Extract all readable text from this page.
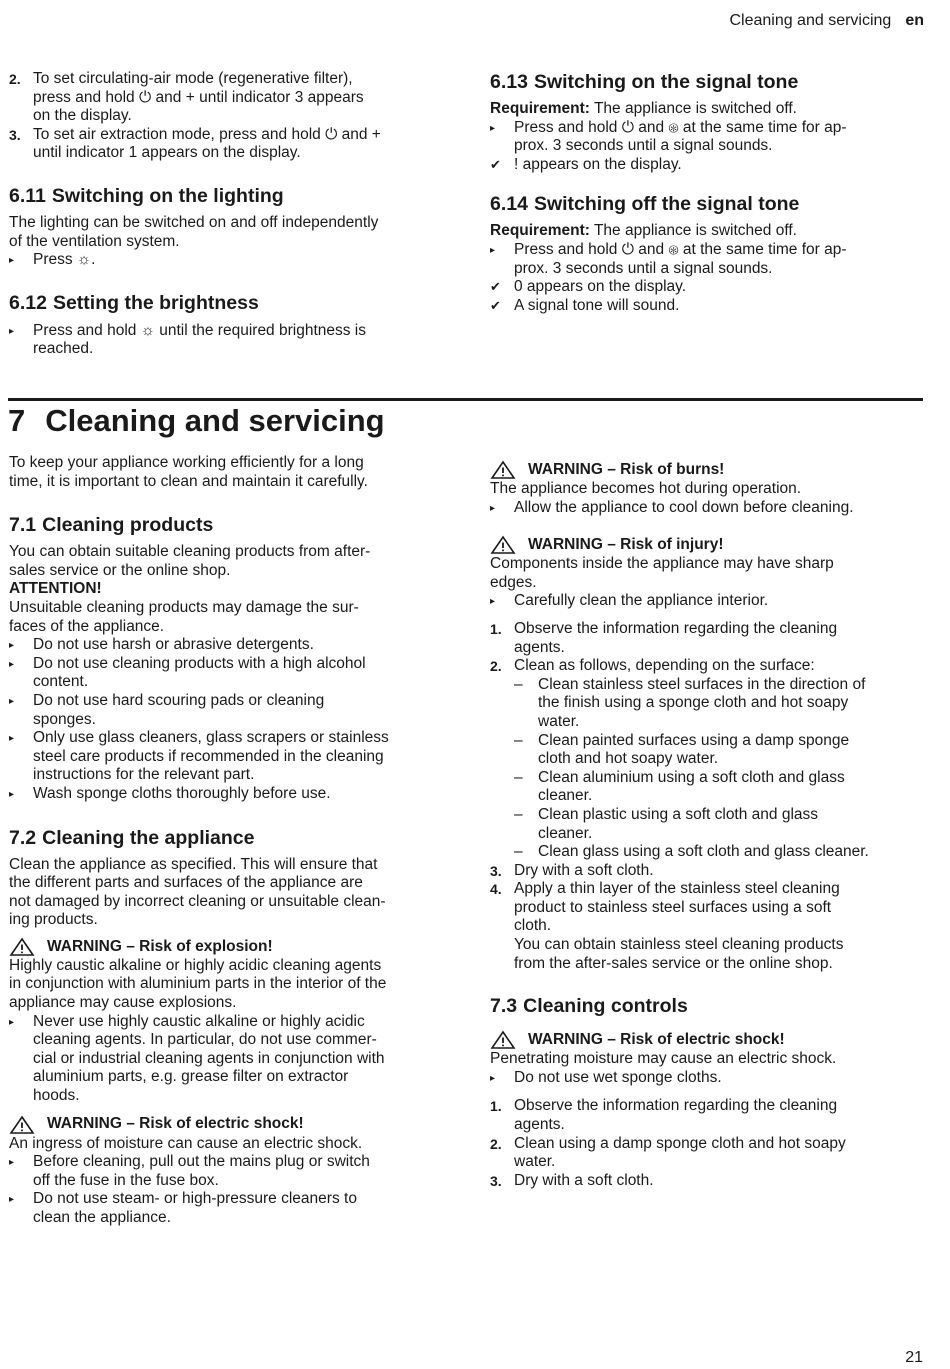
Cleaning and servicing en
2. To set circulating-air mode (regenerative filter),
press and hold ⏻ and + until indicator 3 appears
on the display.
3. To set air extraction mode, press and hold ⏻ and +
until indicator 1 appears on the display.
6.11 Switching on the lighting
The lighting can be switched on and off independently
of the ventilation system.
▸	Press ☼.
6.12 Setting the brightness
▸	Press and hold ☼ until the required brightness is
reached.
6.13 Switching on the signal tone
Requirement: The appliance is switched off.
▸	Press and hold ⏻ and ⊛ at the same time for ap-
prox. 3 seconds until a signal sounds.
✔ ! appears on the display.
6.14 Switching off the signal tone
Requirement: The appliance is switched off.
▸	Press and hold ⏻ and ⊛ at the same time for ap-
prox. 3 seconds until a signal sounds.
✔ 0 appears on the display.
✔ A signal tone will sound.
7 Cleaning and servicing
To keep your appliance working efficiently for a long
time, it is important to clean and maintain it carefully.
7.1 Cleaning products
You can obtain suitable cleaning products from after-
sales service or the online shop.
ATTENTION!
Unsuitable cleaning products may damage the sur-
faces of the appliance.
▸	Do not use harsh or abrasive detergents.
▸	Do not use cleaning products with a high alcohol
content.
▸	Do not use hard scouring pads or cleaning
sponges.
▸	Only use glass cleaners, glass scrapers or stainless
steel care products if recommended in the cleaning
instructions for the relevant part.
▸	Wash sponge cloths thoroughly before use.
7.2 Cleaning the appliance
Clean the appliance as specified. This will ensure that
the different parts and surfaces of the appliance are
not damaged by incorrect cleaning or unsuitable clean-
ing products.
WARNING – Risk of explosion!
Highly caustic alkaline or highly acidic cleaning agents
in conjunction with aluminium parts in the interior of the
appliance may cause explosions.
▸	Never use highly caustic alkaline or highly acidic
cleaning agents. In particular, do not use commer-
cial or industrial cleaning agents in conjunction with
aluminium parts, e.g. grease filter on extractor
hoods.
WARNING – Risk of electric shock!
An ingress of moisture can cause an electric shock.
▸	Before cleaning, pull out the mains plug or switch
off the fuse in the fuse box.
▸	Do not use steam- or high-pressure cleaners to
clean the appliance.
WARNING – Risk of burns!
The appliance becomes hot during operation.
▸	Allow the appliance to cool down before cleaning.
WARNING – Risk of injury!
Components inside the appliance may have sharp
edges.
▸	Carefully clean the appliance interior.
1. Observe the information regarding the cleaning
agents.
2. Clean as follows, depending on the surface:
– Clean stainless steel surfaces in the direction of
the finish using a sponge cloth and hot soapy
water.
– Clean painted surfaces using a damp sponge
cloth and hot soapy water.
– Clean aluminium using a soft cloth and glass
cleaner.
– Clean plastic using a soft cloth and glass
cleaner.
– Clean glass using a soft cloth and glass cleaner.
3. Dry with a soft cloth.
4. Apply a thin layer of the stainless steel cleaning
product to stainless steel surfaces using a soft
cloth.
You can obtain stainless steel cleaning products
from the after-sales service or the online shop.
7.3 Cleaning controls
WARNING – Risk of electric shock!
Penetrating moisture may cause an electric shock.
▸	Do not use wet sponge cloths.
1. Observe the information regarding the cleaning
agents.
2. Clean using a damp sponge cloth and hot soapy
water.
3. Dry with a soft cloth.
21
